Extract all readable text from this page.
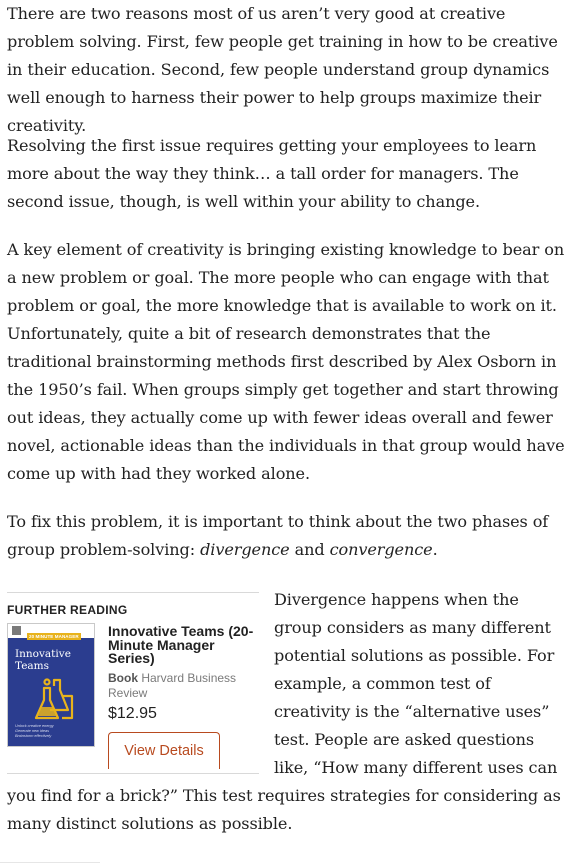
There are two reasons most of us aren’t very good at creative problem solving. First, few people get training in how to be creative in their education. Second, few people understand group dynamics well enough to harness their power to help groups maximize their creativity.

Resolving the first issue requires getting your employees to learn more about the way they think… a tall order for managers. The second issue, though, is well within your ability to change.

A key element of creativity is bringing existing knowledge to bear on a new problem or goal. The more people who can engage with that problem or goal, the more knowledge that is available to work on it. Unfortunately, quite a bit of research demonstrates that the traditional brainstorming methods first described by Alex Osborn in the 1950’s fail. When groups simply get together and start throwing out ideas, they actually come up with fewer ideas overall and fewer novel, actionable ideas than the individuals in that group would have come up with had they worked alone.

To fix this problem, it is important to think about the two phases of group problem-solving: divergence and convergence.

Divergence happens when the group considers as many different potential solutions as possible. For example, a common test of creativity is the “alternative uses” test. People are asked questions like, “How many different uses can you find for a brick?” This test requires strategies for considering as many distinct solutions as possible.
FURTHER READING
20 MINUTE MANAGER
Innovative
Teams
Unlock creative energy
Generate new ideas
Brainstorm effectively
Innovative Teams (20-Minute Manager Series)
Book Harvard Business Review
$12.95
View Details
